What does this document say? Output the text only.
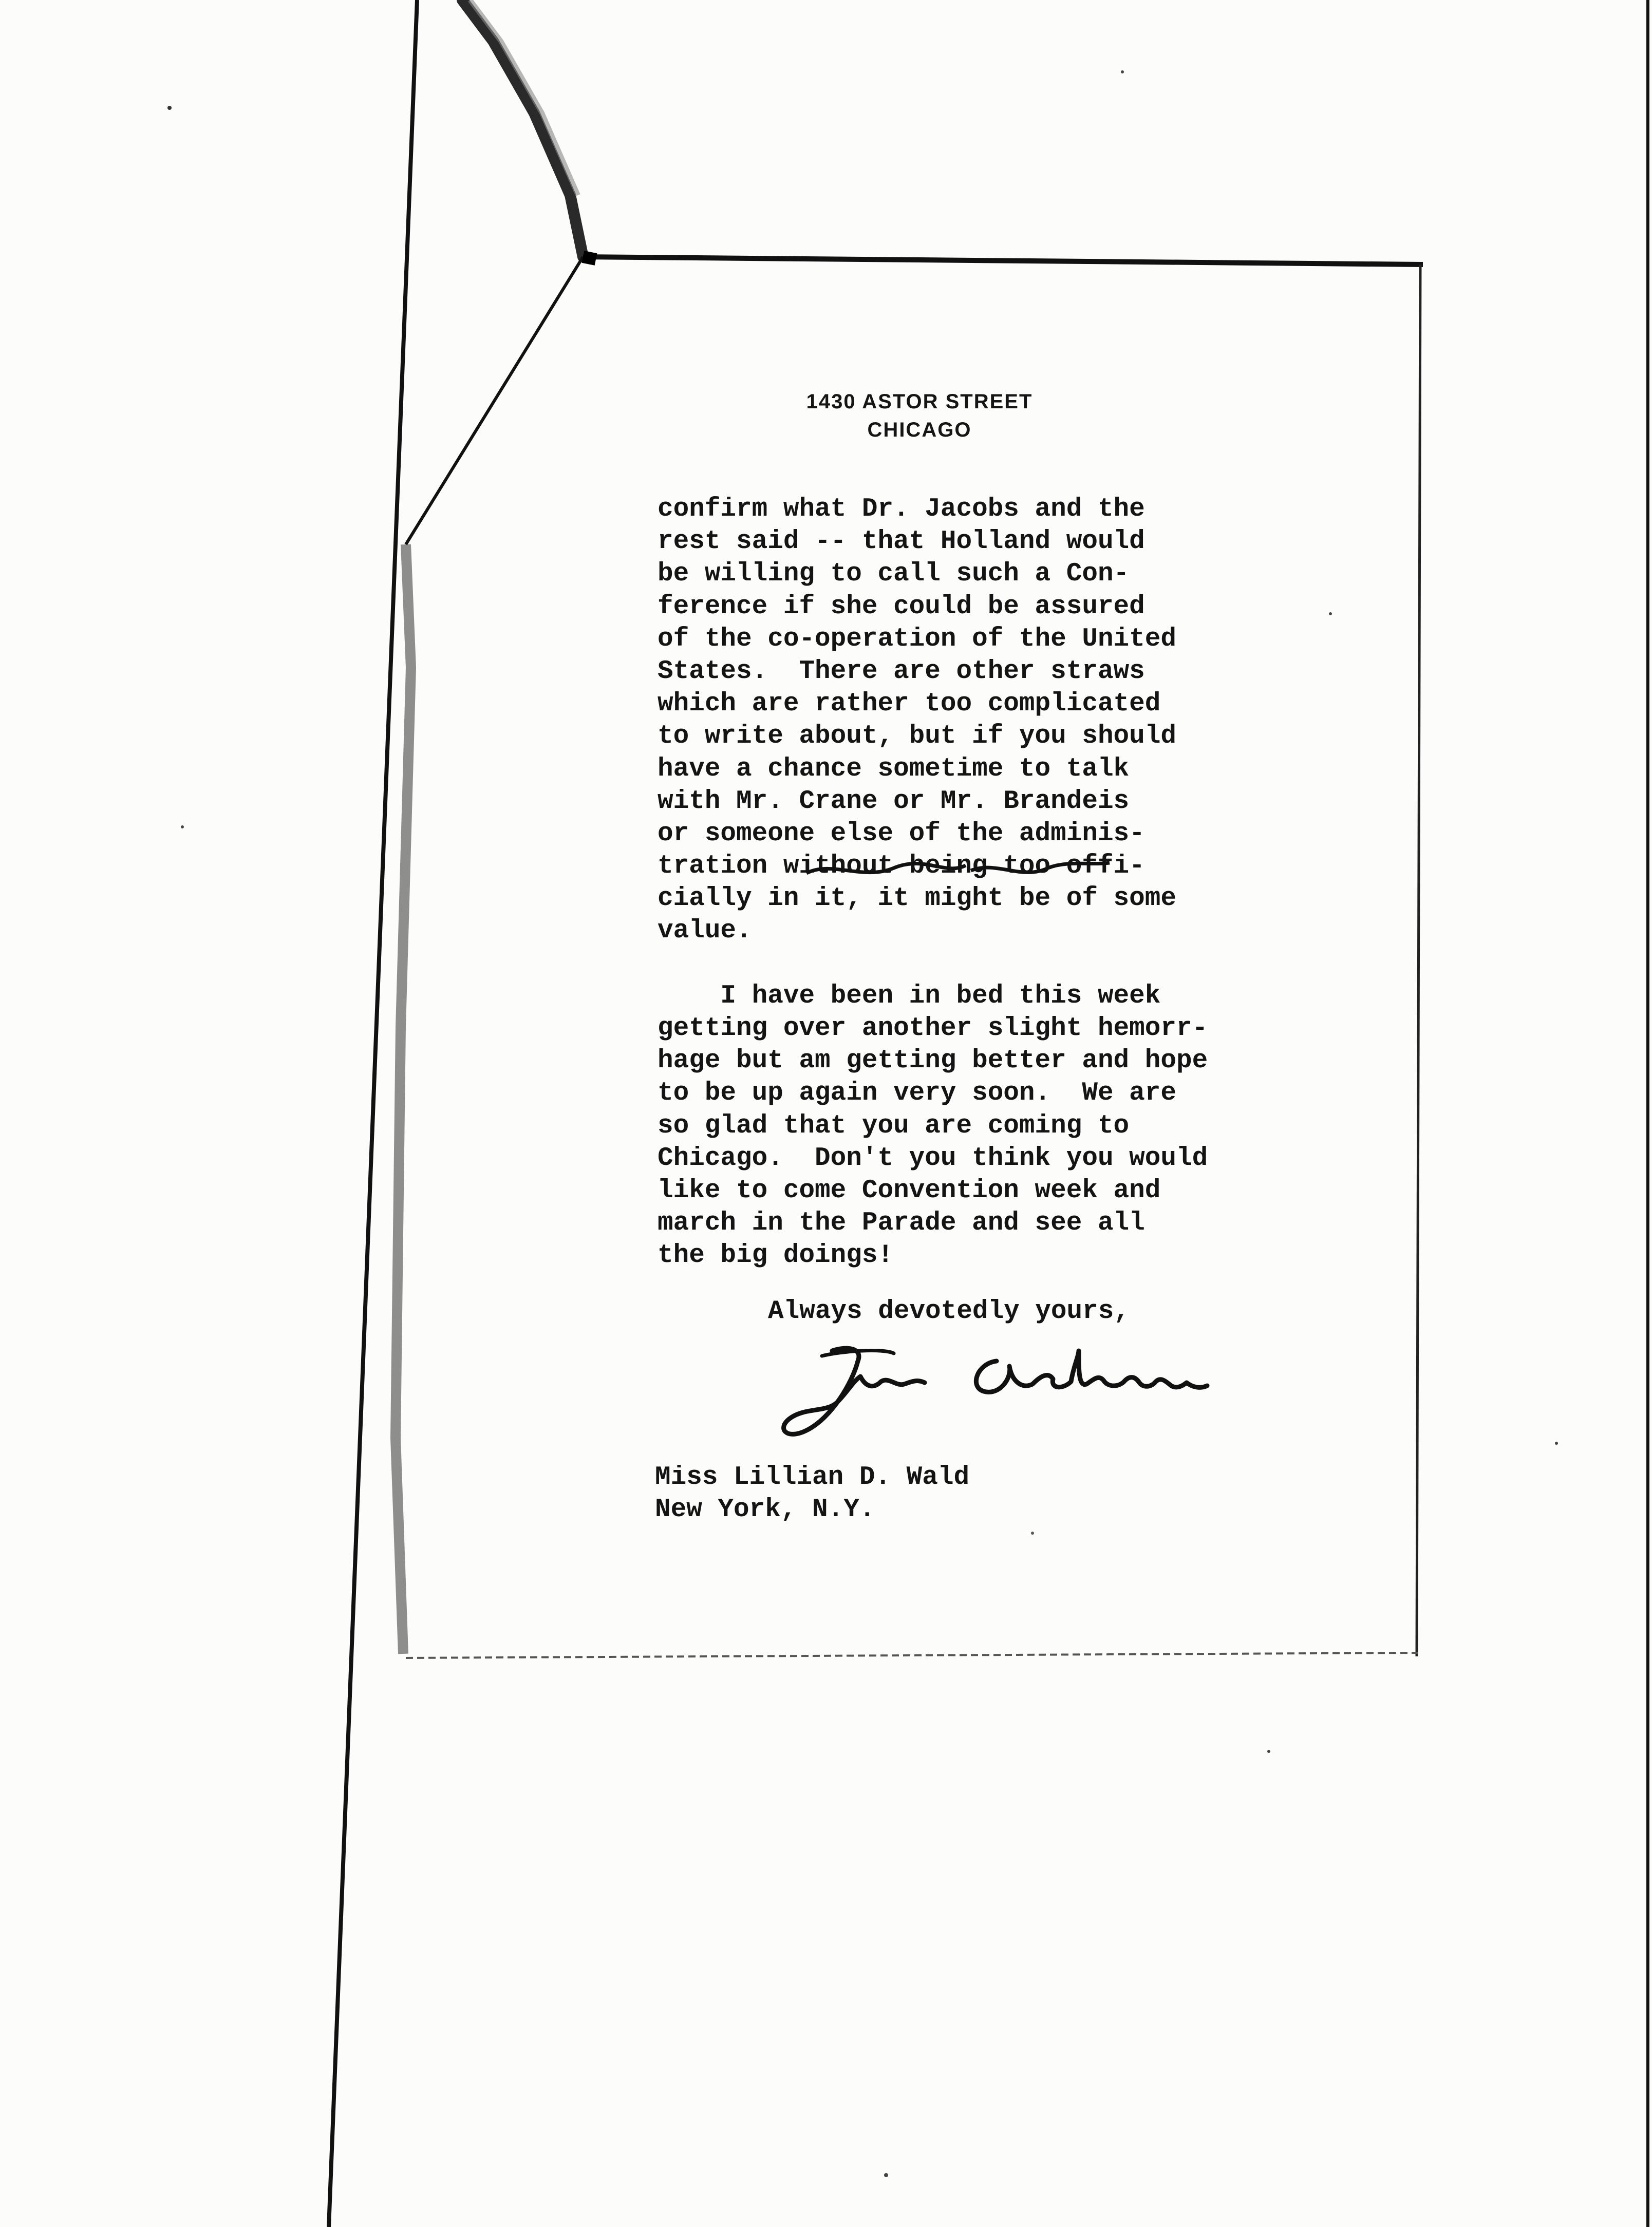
1430 ASTOR STREET
CHICAGO
confirm what Dr. Jacobs and the
rest said -- that Holland would
be willing to call such a Con-
ference if she could be assured
of the co-operation of the United
States.  There are other straws
which are rather too complicated
to write about, but if you should
have a chance sometime to talk
with Mr. Crane or Mr. Brandeis
or someone else of the adminis-
tration without being too offi-
cially in it, it might be of some
value.
I have been in bed this week
getting over another slight hemorr-
hage but am getting better and hope
to be up again very soon.  We are
so glad that you are coming to
Chicago.  Don't you think you would
like to come Convention week and
march in the Parade and see all
the big doings!
Always devotedly yours,
Miss Lillian D. Wald
New York, N.Y.
